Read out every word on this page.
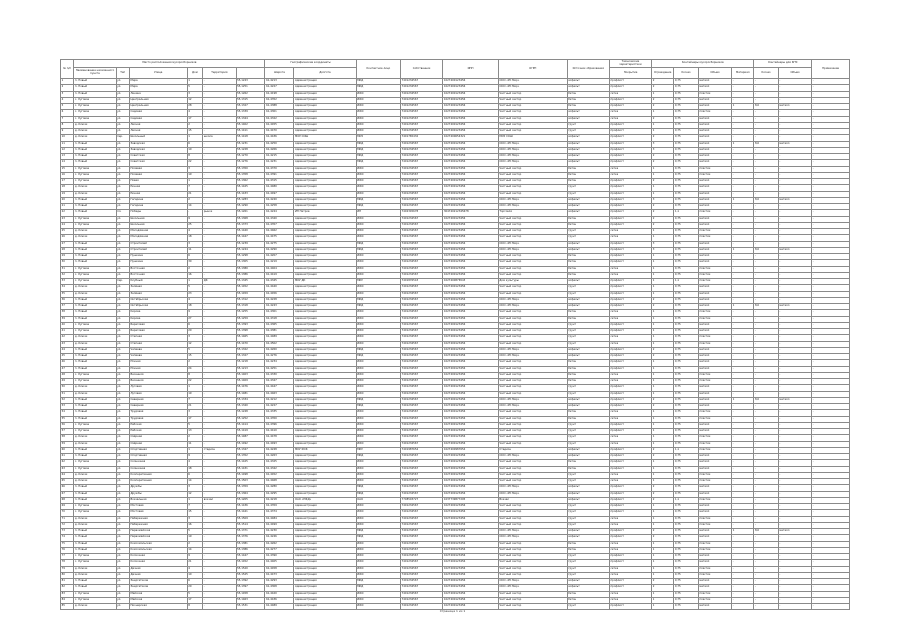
№ п/п	Место расположения мусоросборников						Географические координаты		Контактное лицо	Собственник	ИНН	ОГРН	Источник образования	Технические характеристики	Контейнеры мусоросборников				Контейнеры для КГМ		Примечание
	Наименование населенного пункта	Тип	Улица	Дом	Территория		Широта	Долгота						Покрытие	Ограждение	Кол-во	Объем	Материал	Кол-во	Объем	
1	п. Новый	ул.	Мира	1	-	55,1243	61,4213	Администрация	МКД	7401234567	1027400123456	ООО «УК Мир»	асфальт	профлист	2	0,75	металл	-	-	-	-
2	п. Новый	ул.	Мира	5	-	55,1251	61,4227	Администрация	МКД	7401234567	1027400123456	ООО «УК Мир»	асфальт	профлист	2	0,75	металл	-	-	-	-
3	п. Новый	ул.	Ленина	3	-	55,1262	61,4198	Администрация	ИЖС	7401234567	1027400123456	Частный сектор	бетон	сетка	1	0,75	пластик	-	-	-	-
4	с. Луговое	ул.	Центральная	12	-	55,1315	61,4352	Администрация	ИЖС	7401234567	1027400123456	Частный сектор	бетон	профлист	2	0,75	металл	-	-	-	-
5	с. Луговое	ул.	Центральная	28	-	55,1327	61,4388	Администрация	ИЖС	7401234567	1027400123456	Частный сектор	бетон	профлист	2	0,75	металл	1	8,0	металл	-
6	с. Луговое	ул.	Садовая	4	-	55,1339	61,4301	Администрация	ИЖС	7401234567	1027400123456	Частный сектор	асфальт	сетка	1	0,75	пластик	-	-	-	-
7	с. Луговое	ул.	Садовая	17	-	55,1344	61,4322	Администрация	ИЖС	7401234567	1027400123456	Частный сектор	асфальт	сетка	2	0,75	металл	-	-	-	-
8	д. Ключи	ул.	Лесная	2	-	55,1402	61,4455	Администрация	ИЖС	7401234567	1027400123456	Частный сектор	грунт	профлист	1	0,75	металл	-	-	-	-
9	д. Ключи	ул.	Лесная	15	-	55,1411	61,4470	Администрация	ИЖС	7401234567	1027400123456	Частный сектор	грунт	профлист	1	0,75	металл	-	-	-	-
10	д. Ключи	пер.	Школьный	1	школа	55,1418	61,4436	МОУ СОШ	МОУ	7401765432	1027400654321	МОУ СОШ	асфальт	профлист	2	0,75	металл	-	-	-	-
11	п. Новый	ул.	Заводская	6	-	55,1231	61,4250	Администрация	МКД	7401234567	1027400123456	ООО «УК Мир»	асфальт	профлист	3	0,75	металл	1	8,0	металл	-
12	п. Новый	ул.	Заводская	10	-	55,1228	61,4266	Администрация	МКД	7401234567	1027400123456	ООО «УК Мир»	асфальт	профлист	3	0,75	металл	-	-	-	-
13	п. Новый	ул.	Советская	8	-	55,1270	61,4215	Администрация	МКД	7401234567	1027400123456	ООО «УК Мир»	асфальт	профлист	2	0,75	металл	-	-	-	-
14	п. Новый	ул.	Советская	22	-	55,1276	61,4231	Администрация	МКД	7401234567	1027400123456	ООО «УК Мир»	асфальт	профлист	2	0,75	металл	-	-	-	-
15	с. Луговое	ул.	Полевая	3	-	55,1350	61,4370	Администрация	ИЖС	7401234567	1027400123456	Частный сектор	бетон	сетка	1	0,75	пластик	-	-	-	-
16	с. Луговое	ул.	Полевая	19	-	55,1358	61,4391	Администрация	ИЖС	7401234567	1027400123456	Частный сектор	бетон	сетка	1	0,75	пластик	-	-	-	-
17	с. Луговое	ул.	Новая	1	-	55,1362	61,4315	Администрация	ИЖС	7401234567	1027400123456	Частный сектор	бетон	профлист	2	0,75	металл	-	-	-	-
18	д. Ключи	ул.	Речная	7	-	55,1425	61,4480	Администрация	ИЖС	7401234567	1027400123456	Частный сектор	грунт	профлист	1	0,75	металл	-	-	-	-
19	д. Ключи	ул.	Речная	21	-	55,1433	61,4497	Администрация	ИЖС	7401234567	1027400123456	Частный сектор	грунт	профлист	1	0,75	металл	-	-	-	-
20	п. Новый	ул.	Гагарина	2	-	55,1283	61,4240	Администрация	МКД	7401234567	1027400123456	ООО «УК Мир»	асфальт	профлист	3	0,75	металл	1	8,0	металл	-
21	п. Новый	ул.	Гагарина	14	-	55,1290	61,4258	Администрация	МКД	7401234567	1027400123456	ООО «УК Мир»	асфальт	профлист	2	0,75	металл	-	-	-	-
22	п. Новый	пл.	Победы	-	рынок	55,1261	61,4244	ИП Петров	ИП	7402345678	304740212345678	Торговля	асфальт	профлист	2	1,1	пластик	-	-	-	-
23	с. Луговое	ул.	Школьная	9	-	55,1368	61,4340	Администрация	ИЖС	7401234567	1027400123456	Частный сектор	бетон	профлист	2	0,75	металл	-	-	-	-
24	с. Луговое	ул.	Школьная	25	-	55,1373	61,4357	Администрация	ИЖС	7401234567	1027400123456	Частный сектор	бетон	профлист	2	0,75	металл	-	-	-	-
25	д. Ключи	ул.	Молодёжная	4	-	55,1440	61,4462	Администрация	ИЖС	7401234567	1027400123456	Частный сектор	грунт	сетка	1	0,75	пластик	-	-	-	-
26	д. Ключи	ул.	Молодёжная	18	-	55,1447	61,4475	Администрация	ИЖС	7401234567	1027400123456	Частный сектор	грунт	сетка	1	0,75	пластик	-	-	-	-
27	п. Новый	ул.	Строителей	3	-	55,1239	61,4275	Администрация	МКД	7401234567	1027400123456	ООО «УК Мир»	асфальт	профлист	3	0,75	металл	-	-	-	-
28	п. Новый	ул.	Строителей	11	-	55,1244	61,4290	Администрация	МКД	7401234567	1027400123456	ООО «УК Мир»	асфальт	профлист	3	0,75	металл	1	8,0	металл	-
29	п. Новый	ул.	Пушкина	6	-	55,1298	61,4207	Администрация	ИЖС	7401234567	1027400123456	Частный сектор	бетон	профлист	1	0,75	металл	-	-	-	-
30	п. Новый	ул.	Пушкина	30	-	55,1305	61,4219	Администрация	ИЖС	7401234567	1027400123456	Частный сектор	бетон	профлист	1	0,75	металл	-	-	-	-
31	с. Луговое	ул.	Восточная	2	-	55,1380	61,4404	Администрация	ИЖС	7401234567	1027400123456	Частный сектор	бетон	сетка	1	0,75	пластик	-	-	-	-
32	с. Луговое	ул.	Восточная	16	-	55,1386	61,4419	Администрация	ИЖС	7401234567	1027400123456	Частный сектор	бетон	сетка	1	0,75	пластик	-	-	-	-
33	с. Луговое	пер.	Клубный	1	ДК	55,1345	61,4345	МКУ ДК	МКУ	7401876543	1027400876543	Дом культуры	асфальт	профлист	1	1,1	пластик	-	-	-	-
34	д. Ключи	ул.	Зелёная	5	-	55,1452	61,4440	Администрация	ИЖС	7401234567	1027400123456	Частный сектор	грунт	профлист	1	0,75	металл	-	-	-	-
35	д. Ключи	ул.	Зелёная	23	-	55,1459	61,4456	Администрация	ИЖС	7401234567	1027400123456	Частный сектор	грунт	профлист	1	0,75	металл	-	-	-	-
36	п. Новый	ул.	Октябрьская	4	-	55,1312	61,4228	Администрация	МКД	7401234567	1027400123456	ООО «УК Мир»	асфальт	профлист	2	0,75	металл	-	-	-	-
37	п. Новый	ул.	Октябрьская	18	-	55,1318	61,4243	Администрация	МКД	7401234567	1027400123456	ООО «УК Мир»	асфальт	профлист	2	0,75	металл	1	8,0	металл	-
38	п. Новый	ул.	Кирова	9	-	55,1255	61,4301	Администрация	ИЖС	7401234567	1027400123456	Частный сектор	бетон	сетка	1	0,75	пластик	-	-	-	-
39	п. Новый	ул.	Кирова	27	-	55,1259	61,4318	Администрация	ИЖС	7401234567	1027400123456	Частный сектор	бетон	сетка	1	0,75	пластик	-	-	-	-
40	с. Луговое	ул.	Береговая	6	-	55,1393	61,4365	Администрация	ИЖС	7401234567	1027400123456	Частный сектор	грунт	профлист	1	0,75	металл	-	-	-	-
41	с. Луговое	ул.	Береговая	20	-	55,1398	61,4381	Администрация	ИЖС	7401234567	1027400123456	Частный сектор	грунт	профлист	1	0,75	металл	-	-	-	-
42	д. Ключи	ул.	Степная	3	-	55,1465	61,4489	Администрация	ИЖС	7401234567	1027400123456	Частный сектор	грунт	сетка	1	0,75	пластик	-	-	-	-
43	д. Ключи	ул.	Степная	12	-	55,1470	61,4502	Администрация	ИЖС	7401234567	1027400123456	Частный сектор	грунт	сетка	1	0,75	пластик	-	-	-	-
44	п. Новый	ул.	Чапаева	5	-	55,1322	61,4260	Администрация	МКД	7401234567	1027400123456	ООО «УК Мир»	асфальт	профлист	2	0,75	металл	-	-	-	-
45	п. Новый	ул.	Чапаева	15	-	55,1327	61,4276	Администрация	МКД	7401234567	1027400123456	ООО «УК Мир»	асфальт	профлист	2	0,75	металл	-	-	-	-
46	п. Новый	ул.	Южная	2	-	55,1218	61,4234	Администрация	ИЖС	7401234567	1027400123456	Частный сектор	бетон	профлист	1	0,75	металл	-	-	-	-
47	п. Новый	ул.	Южная	24	-	55,1213	61,4251	Администрация	ИЖС	7401234567	1027400123456	Частный сектор	бетон	профлист	1	0,75	металл	-	-	-	-
48	с. Луговое	ул.	Весенняя	8	-	55,1403	61,4330	Администрация	ИЖС	7401234567	1027400123456	Частный сектор	бетон	сетка	1	0,75	пластик	-	-	-	-
49	с. Луговое	ул.	Весенняя	22	-	55,1409	61,4347	Администрация	ИЖС	7401234567	1027400123456	Частный сектор	бетон	сетка	1	0,75	пластик	-	-	-	-
50	д. Ключи	ул.	Луговая	1	-	55,1476	61,4447	Администрация	ИЖС	7401234567	1027400123456	Частный сектор	грунт	профлист	1	0,75	металл	-	-	-	-
51	д. Ключи	ул.	Луговая	19	-	55,1481	61,4463	Администрация	ИЖС	7401234567	1027400123456	Частный сектор	грунт	профлист	1	0,75	металл	-	-	-	-
52	п. Новый	ул.	Северная	7	-	55,1334	61,4212	Администрация	МКД	7401234567	1027400123456	ООО «УК Мир»	асфальт	профлист	2	0,75	металл	1	8,0	металл	-
53	п. Новый	ул.	Северная	21	-	55,1340	61,4227	Администрация	МКД	7401234567	1027400123456	ООО «УК Мир»	асфальт	профлист	2	0,75	металл	-	-	-	-
54	п. Новый	ул.	Трудовая	3	-	55,1248	61,4335	Администрация	ИЖС	7401234567	1027400123456	Частный сектор	бетон	сетка	1	0,75	пластик	-	-	-	-
55	п. Новый	ул.	Трудовая	17	-	55,1252	61,4350	Администрация	ИЖС	7401234567	1027400123456	Частный сектор	бетон	сетка	1	0,75	пластик	-	-	-	-
56	с. Луговое	ул.	Рабочая	5	-	55,1414	61,4396	Администрация	ИЖС	7401234567	1027400123456	Частный сектор	грунт	профлист	1	0,75	металл	-	-	-	-
57	с. Луговое	ул.	Рабочая	13	-	55,1419	61,4410	Администрация	ИЖС	7401234567	1027400123456	Частный сектор	грунт	профлист	1	0,75	металл	-	-	-	-
58	д. Ключи	ул.	Озёрная	2	-	55,1487	61,4478	Администрация	ИЖС	7401234567	1027400123456	Частный сектор	грунт	сетка	1	0,75	пластик	-	-	-	-
59	д. Ключи	ул.	Озёрная	11	-	55,1492	61,4493	Администрация	ИЖС	7401234567	1027400123456	Частный сектор	грунт	сетка	1	0,75	пластик	-	-	-	-
60	п. Новый	ул.	Спортивная	1	стадион	55,1347	61,4248	МКУ ФОК	МКУ	7401987654	1027400987654	Стадион	асфальт	профлист	2	1,1	пластик	-	-	-	-
61	п. Новый	ул.	Спортивная	9	-	55,1352	61,4263	Администрация	МКД	7401234567	1027400123456	ООО «УК Мир»	асфальт	профлист	2	0,75	металл	-	-	-	-
62	с. Луговое	ул.	Солнечная	4	-	55,1425	61,4325	Администрация	ИЖС	7401234567	1027400123456	Частный сектор	бетон	профлист	1	0,75	металл	-	-	-	-
63	с. Луговое	ул.	Солнечная	18	-	55,1431	61,4342	Администрация	ИЖС	7401234567	1027400123456	Частный сектор	бетон	профлист	1	0,75	металл	-	-	-	-
64	д. Ключи	ул.	Кооперативная	6	-	55,1498	61,4452	Администрация	ИЖС	7401234567	1027400123456	Частный сектор	грунт	сетка	1	0,75	пластик	-	-	-	-
65	д. Ключи	ул.	Кооперативная	14	-	55,1503	61,4468	Администрация	ИЖС	7401234567	1027400123456	Частный сектор	грунт	сетка	1	0,75	пластик	-	-	-	-
66	п. Новый	ул.	Дружбы	3	-	55,1359	61,4280	Администрация	МКД	7401234567	1027400123456	ООО «УК Мир»	асфальт	профлист	2	0,75	металл	-	-	-	-
67	п. Новый	ул.	Дружбы	12	-	55,1364	61,4295	Администрация	МКД	7401234567	1027400123456	ООО «УК Мир»	асфальт	профлист	2	0,75	металл	-	-	-	-
68	п. Новый	ул.	Вокзальная	1	вокзал	55,1205	61,4218	ОАО «РЖД»	ОАО	7708503727	1037739877295	Вокзал	асфальт	профлист	2	1,1	пластик	-	-	-	-
69	с. Луговое	ул.	Мостовая	7	-	55,1436	61,4359	Администрация	ИЖС	7401234567	1027400123456	Частный сектор	грунт	профлист	1	0,75	металл	-	-	-	-
70	с. Луговое	ул.	Мостовая	15	-	55,1441	61,4374	Администрация	ИЖС	7401234567	1027400123456	Частный сектор	грунт	профлист	1	0,75	металл	-	-	-	-
71	д. Ключи	ул.	Набережная	3	-	55,1509	61,4484	Администрация	ИЖС	7401234567	1027400123456	Частный сектор	грунт	сетка	1	0,75	пластик	-	-	-	-
72	д. Ключи	ул.	Набережная	16	-	55,1514	61,4499	Администрация	ИЖС	7401234567	1027400123456	Частный сектор	грунт	сетка	1	0,75	пластик	-	-	-	-
73	п. Новый	ул.	Первомайская	5	-	55,1371	61,4230	Администрация	МКД	7401234567	1027400123456	ООО «УК Мир»	асфальт	профлист	2	0,75	металл	1	8,0	металл	-
74	п. Новый	ул.	Первомайская	19	-	55,1376	61,4246	Администрация	МКД	7401234567	1027400123456	ООО «УК Мир»	асфальт	профлист	2	0,75	металл	-	-	-	-
75	п. Новый	ул.	Комсомольская	2	-	55,1381	61,4262	Администрация	ИЖС	7401234567	1027400123456	Частный сектор	бетон	сетка	1	0,75	пластик	-	-	-	-
76	п. Новый	ул.	Комсомольская	14	-	55,1386	61,4277	Администрация	ИЖС	7401234567	1027400123456	Частный сектор	бетон	сетка	1	0,75	пластик	-	-	-	-
77	с. Луговое	ул.	Колхозная	9	-	55,1447	61,4390	Администрация	ИЖС	7401234567	1027400123456	Частный сектор	грунт	профлист	1	0,75	металл	-	-	-	-
78	с. Луговое	ул.	Колхозная	21	-	55,1452	61,4405	Администрация	ИЖС	7401234567	1027400123456	Частный сектор	грунт	профлист	1	0,75	металл	-	-	-	-
79	д. Ключи	ул.	Дачная	4	-	55,1520	61,4458	Администрация	ИЖС	7401234567	1027400123456	Частный сектор	грунт	сетка	1	0,75	пластик	-	-	-	-
80	д. Ключи	ул.	Дачная	10	-	55,1525	61,4473	Администрация	ИЖС	7401234567	1027400123456	Частный сектор	грунт	сетка	1	0,75	пластик	-	-	-	-
81	п. Новый	ул.	Энергетиков	6	-	55,1392	61,4293	Администрация	МКД	7401234567	1027400123456	ООО «УК Мир»	асфальт	профлист	2	0,75	металл	-	-	-	-
82	п. Новый	ул.	Энергетиков	20	-	55,1397	61,4308	Администрация	МКД	7401234567	1027400123456	ООО «УК Мир»	асфальт	профлист	2	0,75	металл	-	-	-	-
83	с. Луговое	ул.	Майская	5	-	55,1458	61,4420	Администрация	ИЖС	7401234567	1027400123456	Частный сектор	бетон	сетка	1	0,75	пластик	-	-	-	-
84	с. Луговое	ул.	Майская	17	-	55,1463	61,4436	Администрация	ИЖС	7401234567	1027400123456	Частный сектор	бетон	сетка	1	0,75	пластик	-	-	-	-
85	д. Ключи	ул.	Пионерская	8	-	55,1531	61,4489	Администрация	ИЖС	7401234567	1027400123456	Частный сектор	грунт	профлист	1	0,75	металл	-	-	-	-
Страница 1 из 1
